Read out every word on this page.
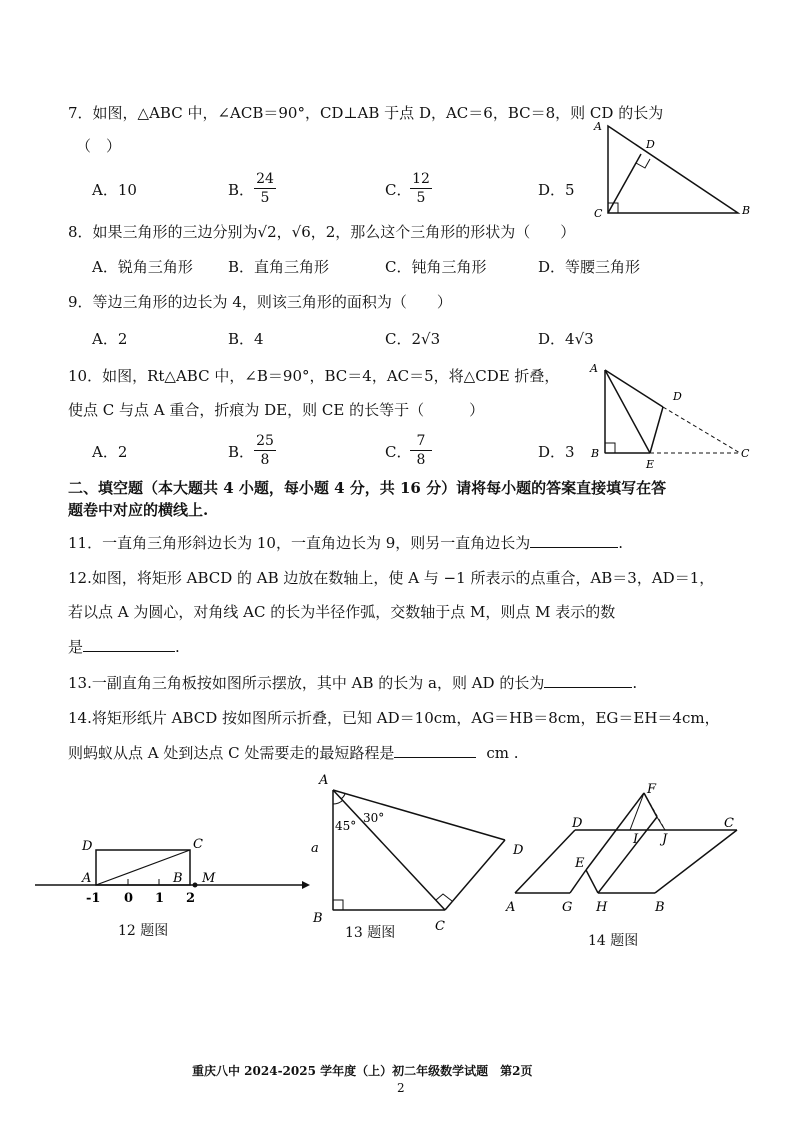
7．如图，△ABC 中，∠ACB＝90°，CD⊥AB 于点 D，AC＝6，BC＝8，则 CD 的长为
（　）
A．10	B．
24
5	C．
12
5	D．5
A
D
C	B
8．如果三角形的三边分别为√2，√6，2，那么这个三角形的形状为（　　）
A．锐角三角形 B．直角三角形	C．钝角三角形	D．等腰三角形
9．等边三角形的边长为 4，则该三角形的面积为（　　）
A．2	B．4	C．2√3	D．4√3
10．如图，Rt△ABC 中，∠B＝90°，BC＝4，AC＝5，将△CDE 折叠，
使点 C 与点 A 重合，折痕为 DE，则 CE 的长等于（　　　）
A．2	B．
25
8	C．
7
8	D．3
A
D
B
E
C
二、填空题（本大题共 4 小题，每小题 4 分，共 16 分）请将每小题的答案直接填写在答
题卷中对应的横线上.
11．一直角三角形斜边长为 10，一直角边长为 9，则另一直角边长为	.
12.如图，将矩形 ABCD 的 AB 边放在数轴上，使 A 与 −1 所表示的点重合，AB＝3，AD＝1，
若以点 A 为圆心，对角线 AC 的长为半径作弧，交数轴于点 M，则点 M 表示的数
是	.
13.一副直角三角板按如图所示摆放，其中 AB 的长为 a，则 AD 的长为	.
14.将矩形纸片 ABCD 按如图所示折叠，已知 AD＝10cm，AG＝HB＝8cm，EG＝EH＝4cm，
则蚂蚁从点 A 处到达点 C 处需要走的最短路程是	cm .
D	C
A	B M
-1 0 1 2
12 题图
A
a
B
C
D
45°
30°
13 题图
A	G H	B
D	C
E
F
I J
14 题图
重庆八中 2024-2025 学年度（上）初二年级数学试题　第2页
2
